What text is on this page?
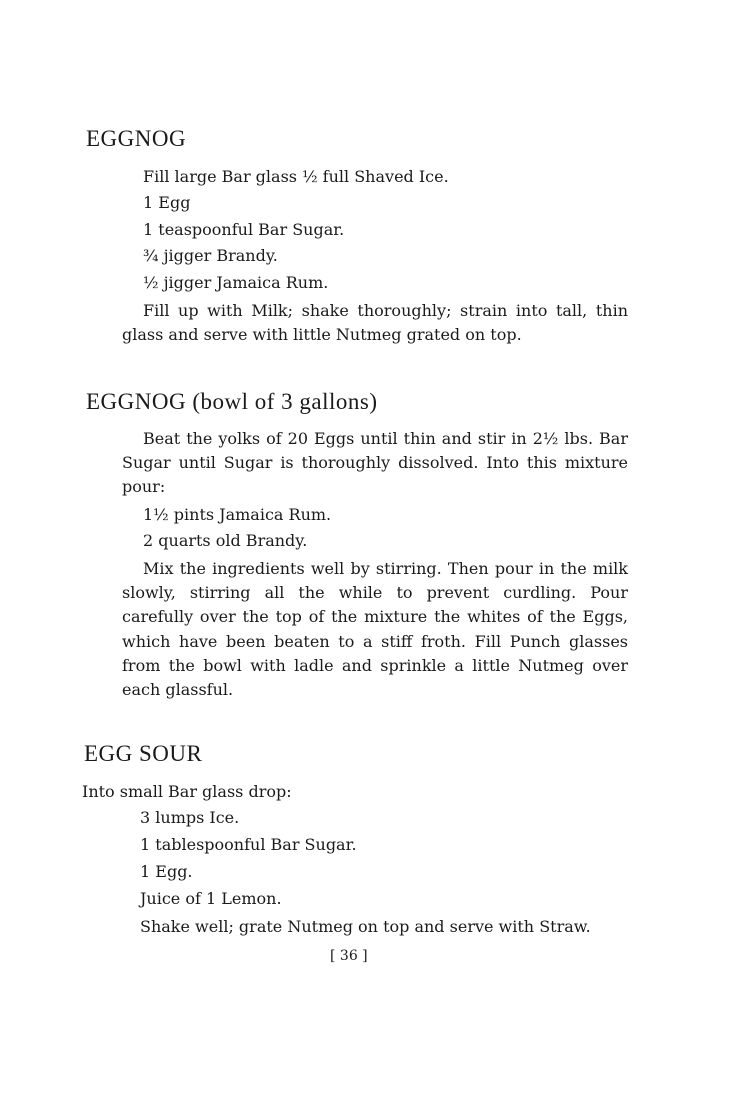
EGGNOG

Fill large Bar glass ½ full Shaved Ice.

1 Egg

1 teaspoonful Bar Sugar.

¾ jigger Brandy.

½ jigger Jamaica Rum.

Fill up with Milk; shake thoroughly; strain into tall, thin glass and serve with little Nutmeg grated on top.

EGGNOG (bowl of 3 gallons)

Beat the yolks of 20 Eggs until thin and stir in 2½ lbs. Bar Sugar until Sugar is thoroughly dissolved. Into this mixture pour:

1½ pints Jamaica Rum.

2 quarts old Brandy.

Mix the ingredients well by stirring. Then pour in the milk slowly, stirring all the while to prevent curdling. Pour carefully over the top of the mixture the whites of the Eggs, which have been beaten to a stiff froth. Fill Punch glasses from the bowl with ladle and sprinkle a little Nutmeg over each glassful.

EGG SOUR

Into small Bar glass drop:

3 lumps Ice.

1 tablespoonful Bar Sugar.

1 Egg.

Juice of 1 Lemon.

Shake well; grate Nutmeg on top and serve with Straw.

[ 36 ]
